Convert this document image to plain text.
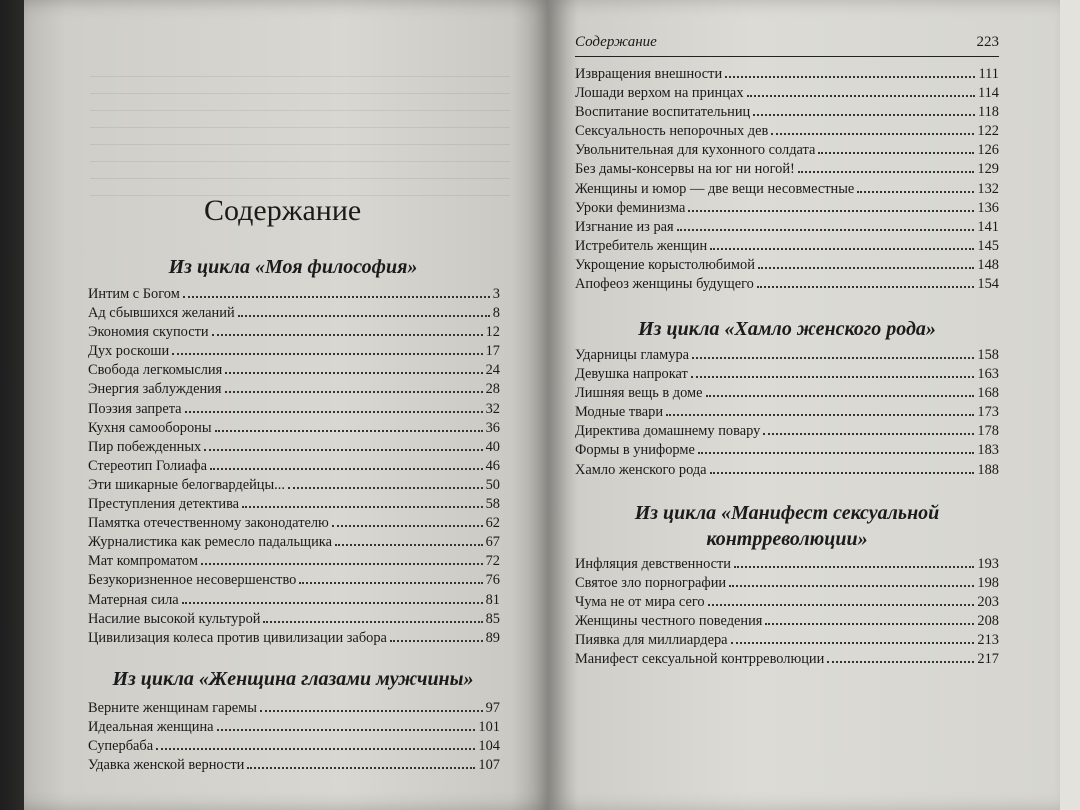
Содержание
Из цикла «Моя философия»
Интим с Богом	3
Ад сбывшихся желаний	8
Экономия скупости	12
Дух роскоши	17
Свобода легкомыслия	24
Энергия заблуждения	28
Поэзия запрета	32
Кухня самообороны	36
Пир побежденных	40
Стереотип Голиафа	46
Эти шикарные белогвардейцы...	50
Преступления детектива	58
Памятка отечественному законодателю	62
Журналистика как ремесло падальщика	67
Мат компроматом	72
Безукоризненное несовершенство	76
Матерная сила	81
Насилие высокой культурой	85
Цивилизация колеса против цивилизации забора	89
Из цикла «Женщина глазами мужчины»
Верните женщинам гаремы	97
Идеальная женщина	101
Супербаба	104
Удавка женской верности	107
Содержание	223
Извращения внешности	111
Лошади верхом на принцах	114
Воспитание воспитательниц	118
Сексуальность непорочных дев	122
Увольнительная для кухонного солдата	126
Без дамы-консервы на юг ни ногой!	129
Женщины и юмор — две вещи несовместные	132
Уроки феминизма	136
Изгнание из рая	141
Истребитель женщин	145
Укрощение корыстолюбимой	148
Апофеоз женщины будущего	154
Из цикла «Хамло женского рода»
Ударницы гламура	158
Девушка напрокат	163
Лишняя вещь в доме	168
Модные твари	173
Директива домашнему повару	178
Формы в униформе	183
Хамло женского рода	188
Из цикла «Манифест сексуальной
контрреволюции»
Инфляция девственности	193
Святое зло порнографии	198
Чума не от мира сего	203
Женщины честного поведения	208
Пиявка для миллиардера	213
Манифест сексуальной контрреволюции	217
